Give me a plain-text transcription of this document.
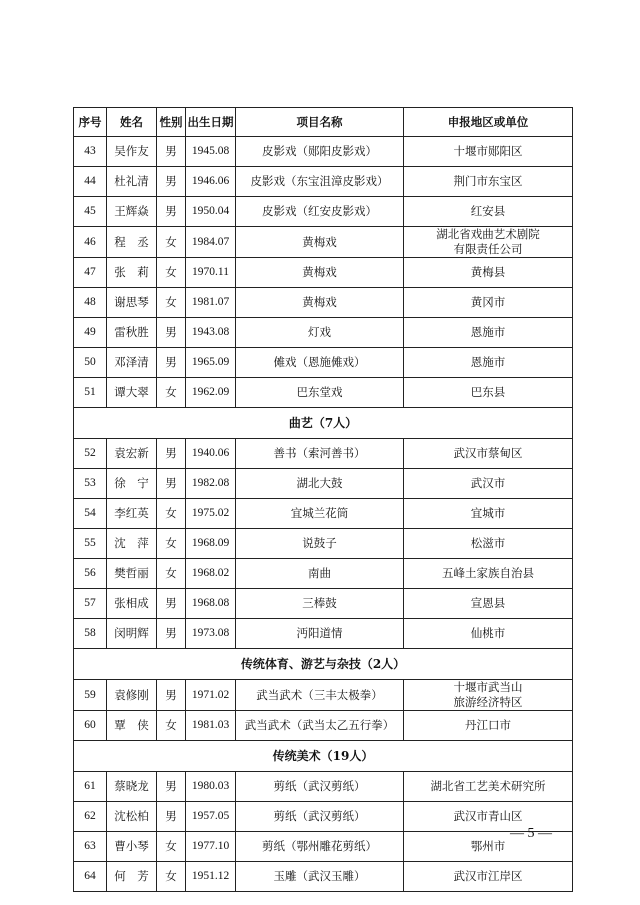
序号	姓名	性别	出生日期	项目名称	申报地区或单位
43	吴作友	男	1945.08	皮影戏（郧阳皮影戏）	十堰市郧阳区
44	杜礼清	男	1946.06	皮影戏（东宝沮漳皮影戏）	荆门市东宝区
45	王辉焱	男	1950.04	皮影戏（红安皮影戏）	红安县
46	程　丞	女	1984.07	黄梅戏	湖北省戏曲艺术剧院
有限责任公司
47	张　莉	女	1970.11	黄梅戏	黄梅县
48	谢思琴	女	1981.07	黄梅戏	黄冈市
49	雷秋胜	男	1943.08	灯戏	恩施市
50	邓泽清	男	1965.09	傩戏（恩施傩戏）	恩施市
51	谭大翠	女	1962.09	巴东堂戏	巴东县
曲艺（7人）					
52	袁宏新	男	1940.06	善书（索河善书）	武汉市蔡甸区
53	徐　宁	男	1982.08	湖北大鼓	武汉市
54	李红英	女	1975.02	宜城兰花筒	宜城市
55	沈　萍	女	1968.09	说鼓子	松滋市
56	樊哲丽	女	1968.02	南曲	五峰土家族自治县
57	张相成	男	1968.08	三棒鼓	宣恩县
58	闵明辉	男	1973.08	沔阳道情	仙桃市
传统体育、游艺与杂技（2人）					
59	袁修刚	男	1971.02	武当武术（三丰太极拳）	十堰市武当山
旅游经济特区
60	覃　侠	女	1981.03	武当武术（武当太乙五行拳）	丹江口市
传统美术（19人）					
61	蔡晓龙	男	1980.03	剪纸（武汉剪纸）	湖北省工艺美术研究所
62	沈松柏	男	1957.05	剪纸（武汉剪纸）	武汉市青山区
63	曹小琴	女	1977.10	剪纸（鄂州雕花剪纸）	鄂州市
64	何　芳	女	1951.12	玉雕（武汉玉雕）	武汉市江岸区
— 5 —
